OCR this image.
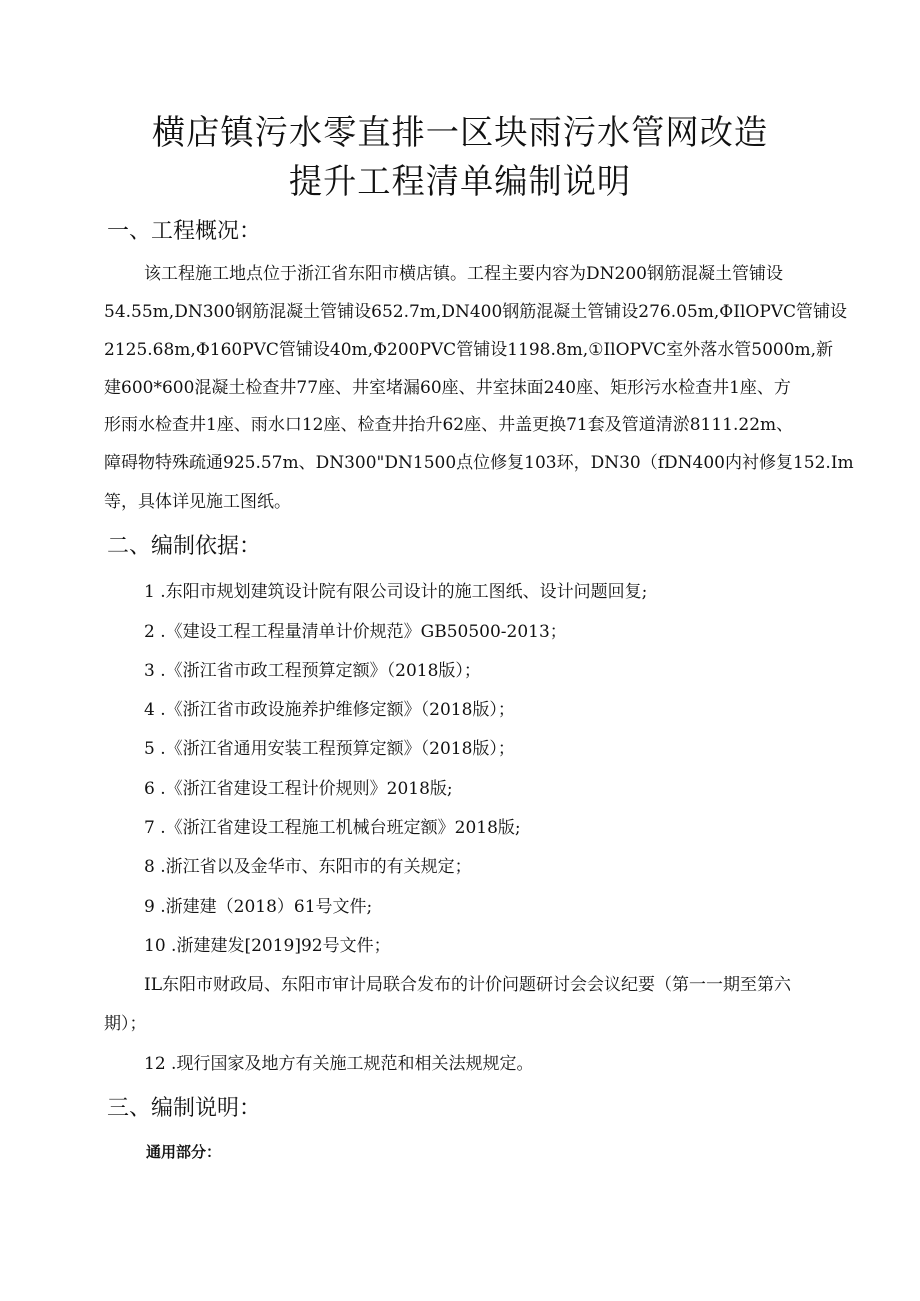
横店镇污水零直排一区块雨污水管网改造
提升工程清单编制说明
一、工程概况：
该工程施工地点位于浙江省东阳市横店镇。工程主要内容为DN200钢筋混凝土管铺设
54.55m,DN300钢筋混凝土管铺设652.7m,DN400钢筋混凝土管铺设276.05m,ΦIlOPVC管铺设
2125.68m,Φ160PVC管铺设40m,Φ200PVC管铺设1198.8m,①IlOPVC室外落水管5000m,新
建600*600混凝土检查井77座、井室堵漏60座、井室抹面240座、矩形污水检查井1座、方
形雨水检查井1座、雨水口12座、检查井抬升62座、井盖更换71套及管道清淤8111.22m、
障碍物特殊疏通925.57m、DN300"DN1500点位修复103环，DN30（fDN400内衬修复152.Im
等，具体详见施工图纸。
二、编制依据：
1 .东阳市规划建筑设计院有限公司设计的施工图纸、设计问题回复;
2 .《建设工程工程量清单计价规范》GB50500-2013；
3 .《浙江省市政工程预算定额》（2018版）；
4 .《浙江省市政设施养护维修定额》（2018版）；
5 .《浙江省通用安装工程预算定额》（2018版）；
6 .《浙江省建设工程计价规则》2018版;
7 .《浙江省建设工程施工机械台班定额》2018版;
8 .浙江省以及金华市、东阳市的有关规定；
9 .浙建建（2018）61号文件;
10 .浙建建发[2019]92号文件；
IL东阳市财政局、东阳市审计局联合发布的计价问题研讨会会议纪要（第一一期至第六
期）；
12 .现行国家及地方有关施工规范和相关法规规定。
三、编制说明：
通用部分：
